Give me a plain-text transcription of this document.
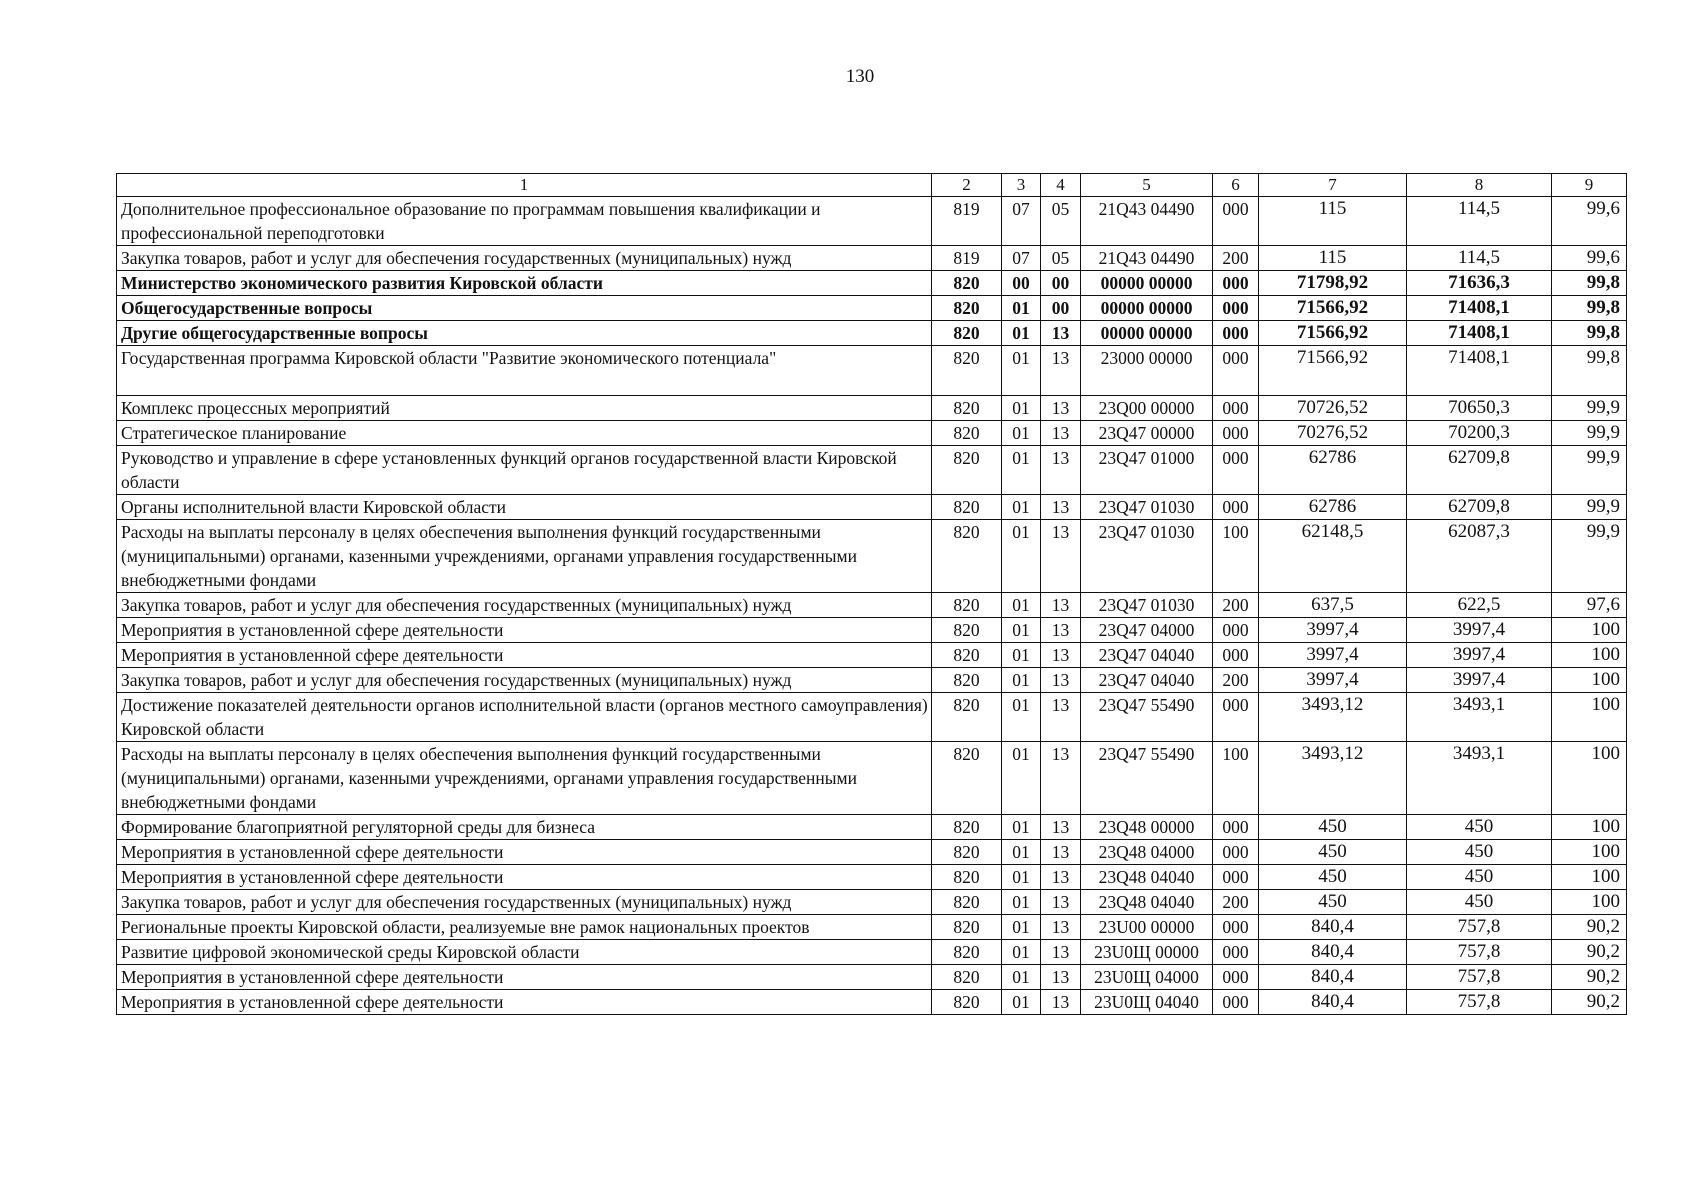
130
1	2	3	4	5	6	7	8	9
Дополнительное профессиональное образование по программам повышения квалификации и профессиональной переподготовки	819	07	05	21Q43 04490	000	115	114,5	99,6
Закупка товаров, работ и услуг для обеспечения государственных (муниципальных) нужд	819	07	05	21Q43 04490	200	115	114,5	99,6
Министерство экономического развития Кировской области	820	00	00	00000 00000	000	71798,92	71636,3	99,8
Общегосударственные вопросы	820	01	00	00000 00000	000	71566,92	71408,1	99,8
Другие общегосударственные вопросы	820	01	13	00000 00000	000	71566,92	71408,1	99,8
Государственная программа Кировской области "Развитие экономического потенциала"	820	01	13	23000 00000	000	71566,92	71408,1	99,8
Комплекс процессных мероприятий	820	01	13	23Q00 00000	000	70726,52	70650,3	99,9
Стратегическое планирование	820	01	13	23Q47 00000	000	70276,52	70200,3	99,9
Руководство и управление в сфере установленных функций органов государственной власти Кировской области	820	01	13	23Q47 01000	000	62786	62709,8	99,9
Органы исполнительной власти Кировской области	820	01	13	23Q47 01030	000	62786	62709,8	99,9
Расходы на выплаты персоналу в целях обеспечения выполнения функций государственными (муниципальными) органами, казенными учреждениями, органами управления государственными внебюджетными фондами	820	01	13	23Q47 01030	100	62148,5	62087,3	99,9
Закупка товаров, работ и услуг для обеспечения государственных (муниципальных) нужд	820	01	13	23Q47 01030	200	637,5	622,5	97,6
Мероприятия в установленной сфере деятельности	820	01	13	23Q47 04000	000	3997,4	3997,4	100
Мероприятия в установленной сфере деятельности	820	01	13	23Q47 04040	000	3997,4	3997,4	100
Закупка товаров, работ и услуг для обеспечения государственных (муниципальных) нужд	820	01	13	23Q47 04040	200	3997,4	3997,4	100
Достижение показателей деятельности органов исполнительной власти (органов местного самоуправления) Кировской области	820	01	13	23Q47 55490	000	3493,12	3493,1	100
Расходы на выплаты персоналу в целях обеспечения выполнения функций государственными (муниципальными) органами, казенными учреждениями, органами управления государственными внебюджетными фондами	820	01	13	23Q47 55490	100	3493,12	3493,1	100
Формирование благоприятной регуляторной среды для бизнеса	820	01	13	23Q48 00000	000	450	450	100
Мероприятия в установленной сфере деятельности	820	01	13	23Q48 04000	000	450	450	100
Мероприятия в установленной сфере деятельности	820	01	13	23Q48 04040	000	450	450	100
Закупка товаров, работ и услуг для обеспечения государственных (муниципальных) нужд	820	01	13	23Q48 04040	200	450	450	100
Региональные проекты Кировской области, реализуемые вне рамок национальных проектов	820	01	13	23U00 00000	000	840,4	757,8	90,2
Развитие цифровой экономической среды Кировской области	820	01	13	23U0Щ 00000	000	840,4	757,8	90,2
Мероприятия в установленной сфере деятельности	820	01	13	23U0Щ 04000	000	840,4	757,8	90,2
Мероприятия в установленной сфере деятельности	820	01	13	23U0Щ 04040	000	840,4	757,8	90,2
